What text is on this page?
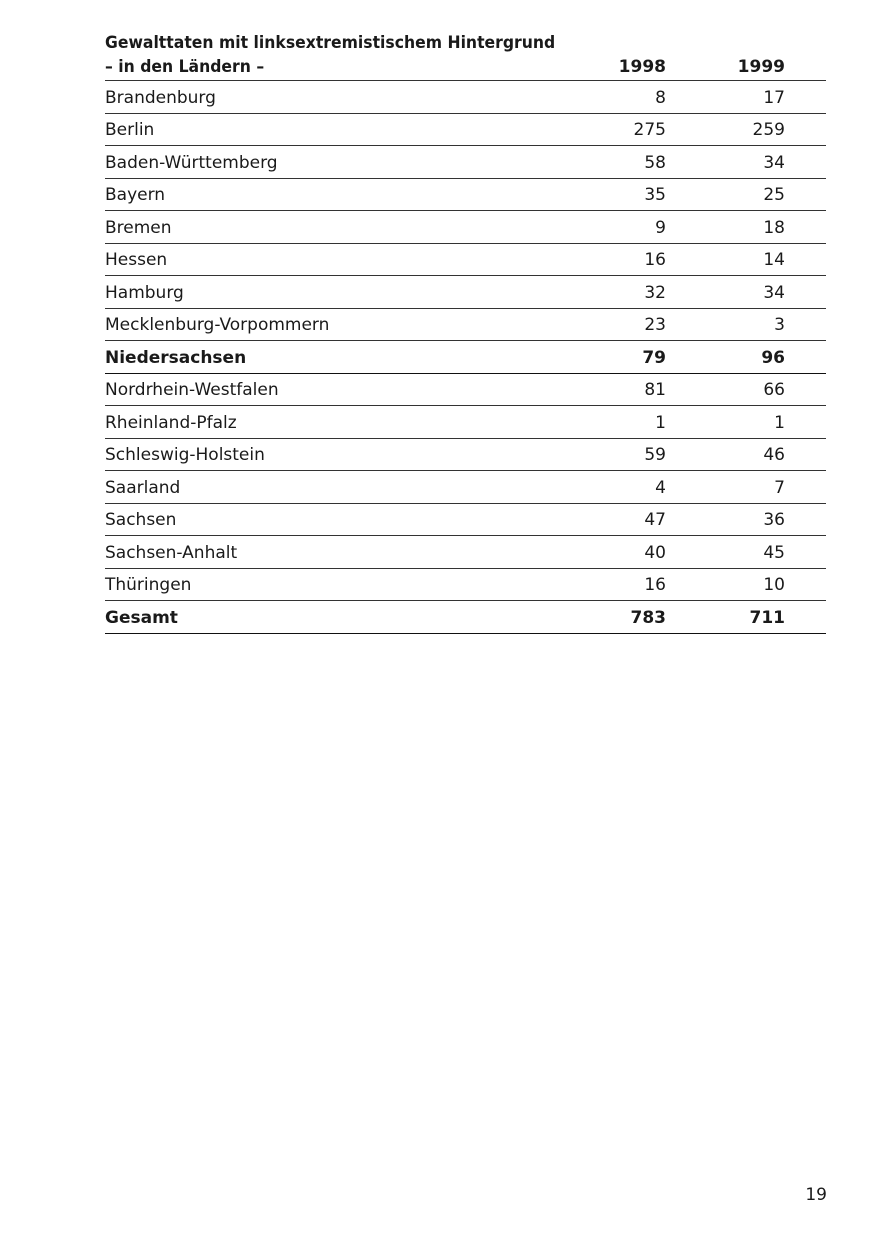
Gewalttaten mit linksextremistischem Hintergrund
– in den Ländern –	1998	1999
Brandenburg	8	17
Berlin	275	259
Baden-Württemberg	58	34
Bayern	35	25
Bremen	9	18
Hessen	16	14
Hamburg	32	34
Mecklenburg-Vorpommern	23	3
Niedersachsen	79	96
Nordrhein-Westfalen	81	66
Rheinland-Pfalz	1	1
Schleswig-Holstein	59	46
Saarland	4	7
Sachsen	47	36
Sachsen-Anhalt	40	45
Thüringen	16	10
Gesamt	783	711
19
